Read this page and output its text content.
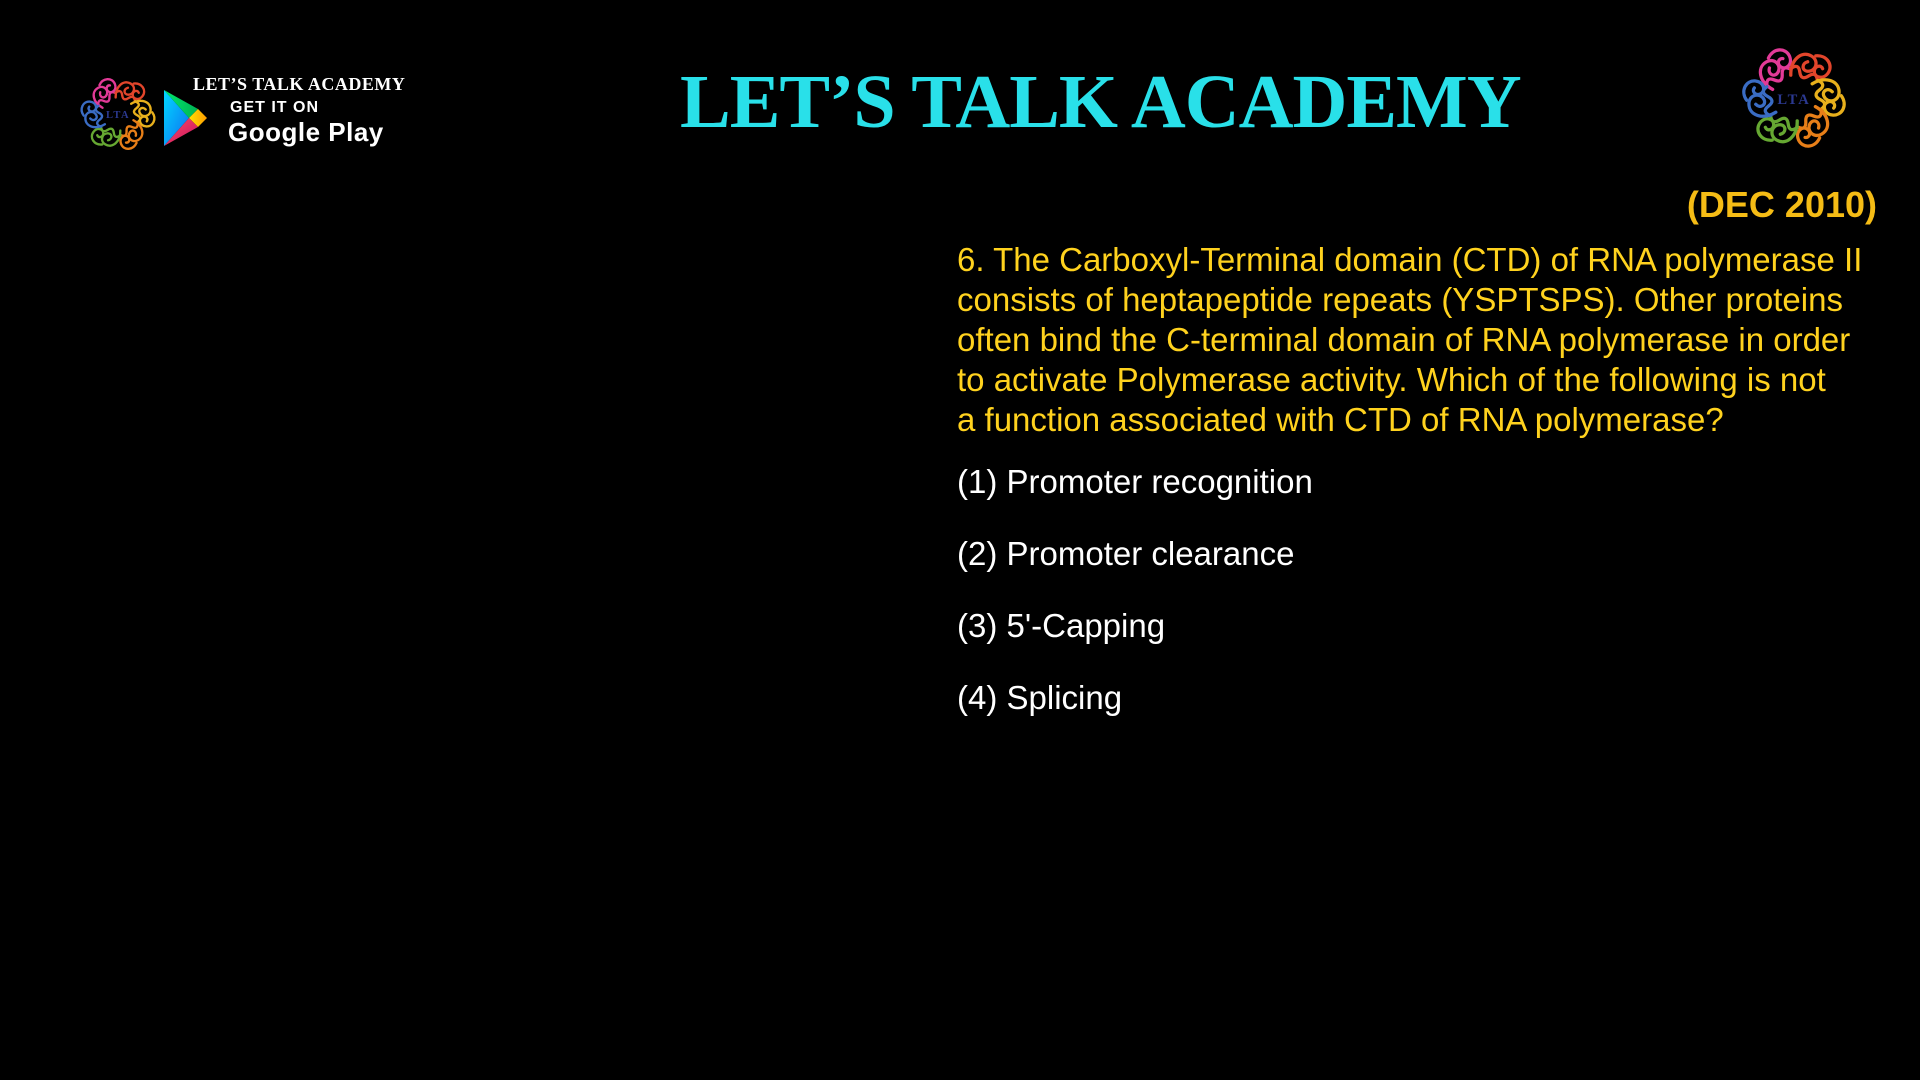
LTA
LET’S TALK ACADEMY
GET IT ON
Google Play	LET’S TALK ACADEMY	LTA
(DEC 2010)
6. The Carboxyl-Terminal domain (CTD) of RNA polymerase II
consists of heptapeptide repeats (YSPTSPS). Other proteins
often bind the C-terminal domain of RNA polymerase in order
to activate Polymerase activity. Which of the following is not
a function associated with CTD of RNA polymerase?
(1) Promoter recognition
(2) Promoter clearance
(3) 5'-Capping
(4) Splicing
